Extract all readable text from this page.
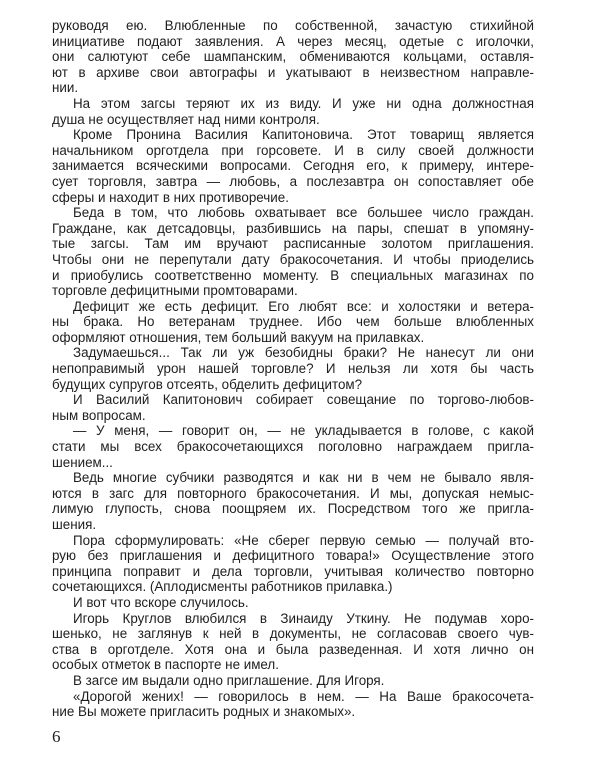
руководя ею. Влюбленные по собственной, зачастую стихийной
инициативе подают заявления. А через месяц, одетые с иголочки,
они салютуют себе шампанским, обмениваются кольцами, оставля-
ют в архиве свои автографы и укатывают в неизвестном направле-
нии.
На этом загсы теряют их из виду. И уже ни одна должностная
душа не осуществляет над ними контроля.
Кроме Пронина Василия Капитоновича. Этот товарищ является
начальником орготдела при горсовете. И в силу своей должности
занимается всяческими вопросами. Сегодня его, к примеру, интере-
сует торговля, завтра — любовь, а послезавтра он сопоставляет обе
сферы и находит в них противоречие.
Беда в том, что любовь охватывает все большее число граждан.
Граждане, как детсадовцы, разбившись на пары, спешат в упомяну-
тые загсы. Там им вручают расписанные золотом приглашения.
Чтобы они не перепутали дату бракосочетания. И чтобы приоделись
и приобулись соответственно моменту. В специальных магазинах по
торговле дефицитными промтоварами.
Дефицит же есть дефицит. Его любят все: и холостяки и ветера-
ны брака. Но ветеранам труднее. Ибо чем больше влюбленных
оформляют отношения, тем больший вакуум на прилавках.
Задумаешься... Так ли уж безобидны браки? Не нанесут ли они
непоправимый урон нашей торговле? И нельзя ли хотя бы часть
будущих супругов отсеять, обделить дефицитом?
И Василий Капитонович собирает совещание по торгово-любов-
ным вопросам.
— У меня, — говорит он, — не укладывается в голове, с какой
стати мы всех бракосочетающихся поголовно награждаем пригла-
шением...
Ведь многие субчики разводятся и как ни в чем не бывало явля-
ются в загс для повторного бракосочетания. И мы, допуская немыс-
лимую глупость, снова поощряем их. Посредством того же пригла-
шения.
Пора сформулировать: «Не сберег первую семью — получай вто-
рую без приглашения и дефицитного товара!» Осуществление этого
принципа поправит и дела торговли, учитывая количество повторно
сочетающихся. (Аплодисменты работников прилавка.)
И вот что вскоре случилось.
Игорь Круглов влюбился в Зинаиду Уткину. Не подумав хоро-
шенько, не заглянув к ней в документы, не согласовав своего чув-
ства в орготделе. Хотя она и была разведенная. И хотя лично он
особых отметок в паспорте не имел.
В загсе им выдали одно приглашение. Для Игоря.
«Дорогой жених! — говорилось в нем. — На Ваше бракосочета-
ние Вы можете пригласить родных и знакомых».
6
